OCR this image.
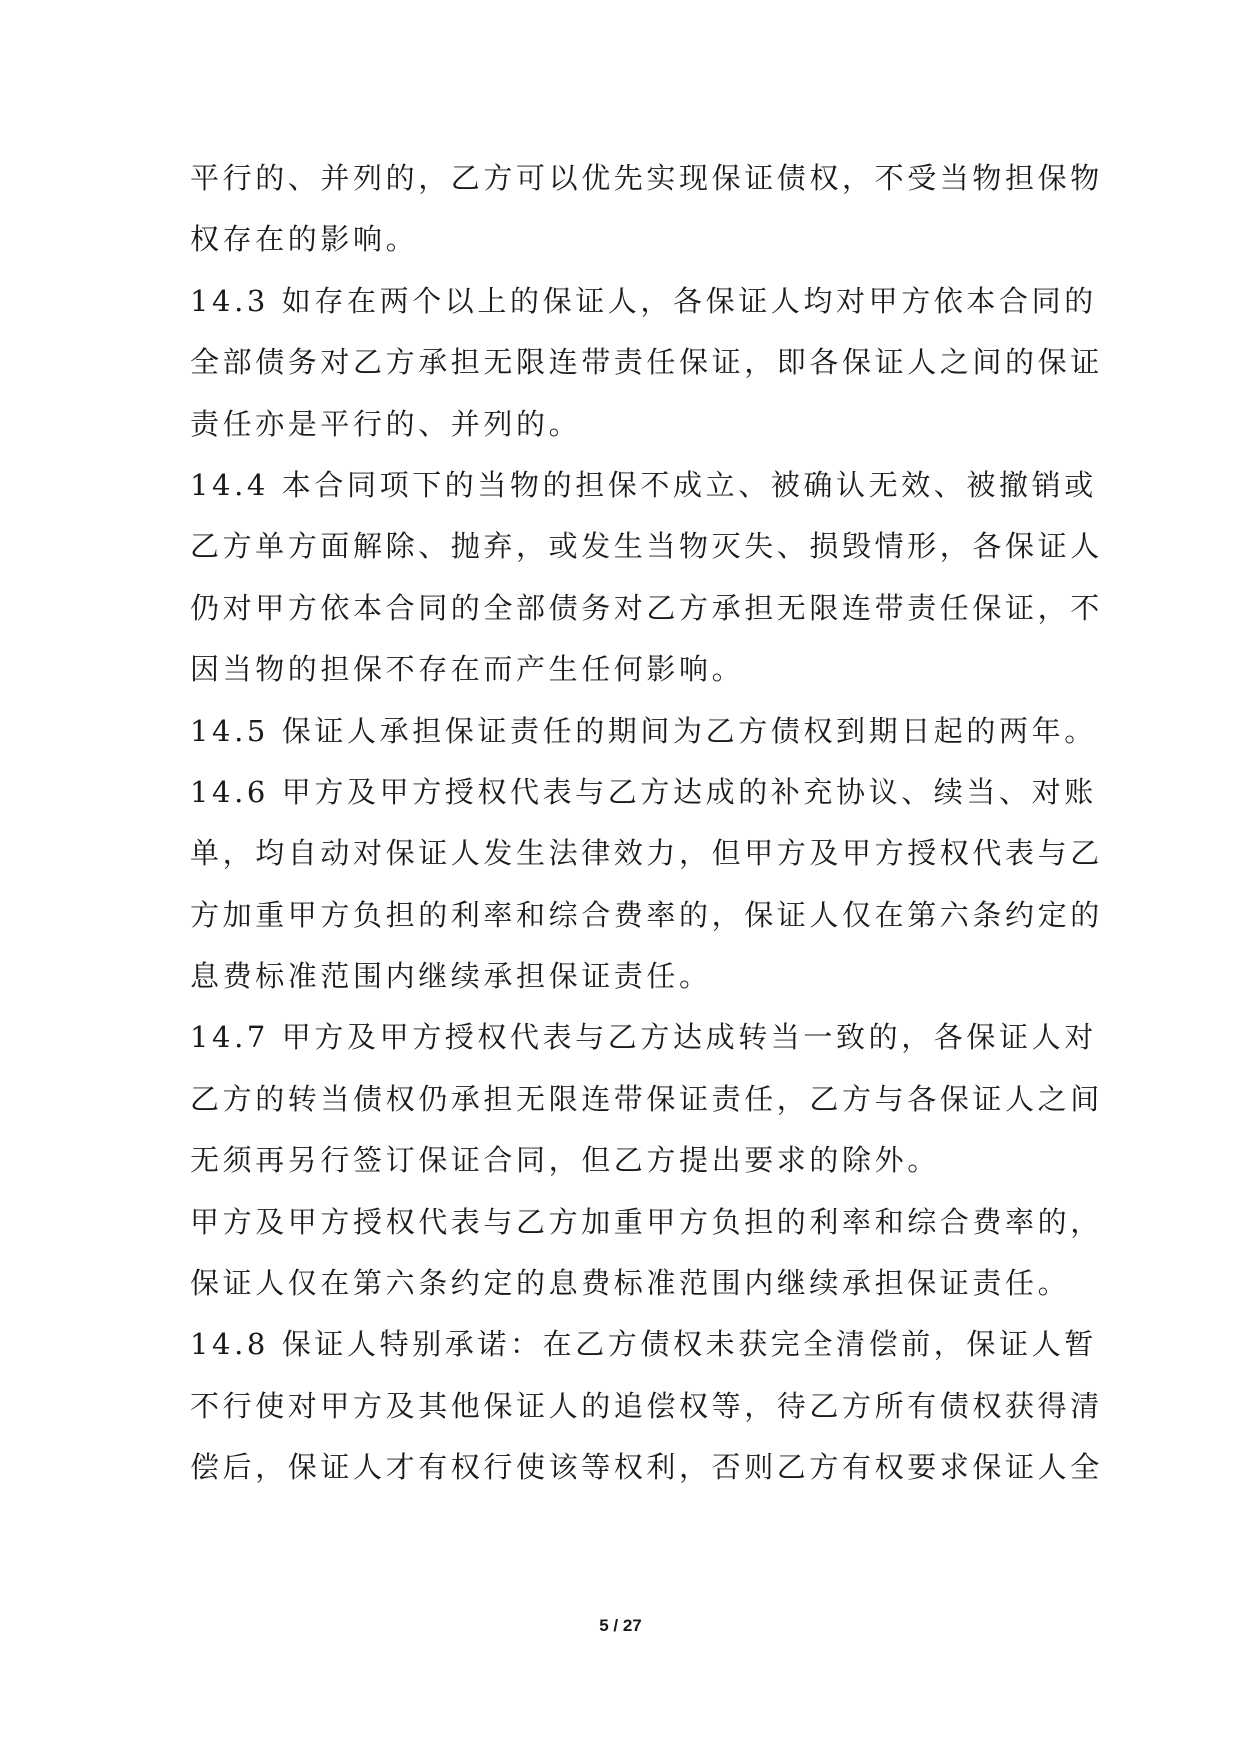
平行的、并列的，乙方可以优先实现保证债权，不受当物担保物
权存在的影响。
14.3 如存在两个以上的保证人，各保证人均对甲方依本合同的
全部债务对乙方承担无限连带责任保证，即各保证人之间的保证
责任亦是平行的、并列的。
14.4 本合同项下的当物的担保不成立、被确认无效、被撤销或
乙方单方面解除、抛弃，或发生当物灭失、损毁情形，各保证人
仍对甲方依本合同的全部债务对乙方承担无限连带责任保证，不
因当物的担保不存在而产生任何影响。
14.5 保证人承担保证责任的期间为乙方债权到期日起的两年。
14.6 甲方及甲方授权代表与乙方达成的补充协议、续当、对账
单，均自动对保证人发生法律效力，但甲方及甲方授权代表与乙
方加重甲方负担的利率和综合费率的，保证人仅在第六条约定的
息费标准范围内继续承担保证责任。
14.7 甲方及甲方授权代表与乙方达成转当一致的，各保证人对
乙方的转当债权仍承担无限连带保证责任，乙方与各保证人之间
无须再另行签订保证合同，但乙方提出要求的除外。
甲方及甲方授权代表与乙方加重甲方负担的利率和综合费率的，
保证人仅在第六条约定的息费标准范围内继续承担保证责任。
14.8 保证人特别承诺：在乙方债权未获完全清偿前，保证人暂
不行使对甲方及其他保证人的追偿权等，待乙方所有债权获得清
偿后，保证人才有权行使该等权利，否则乙方有权要求保证人全
5 / 27
